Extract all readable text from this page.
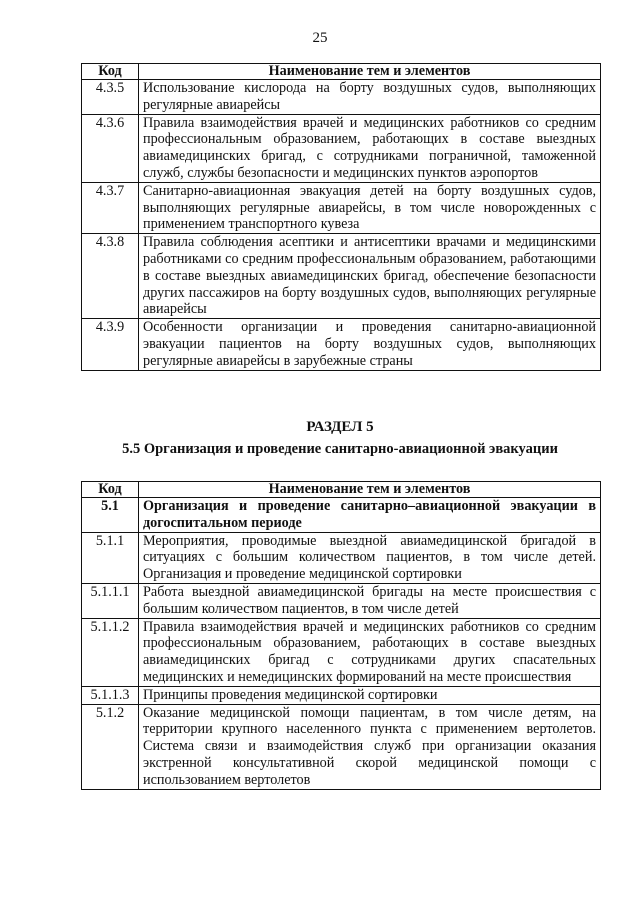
25
Код	Наименование тем и элементов
4.3.5	Использование кислорода на борту воздушных судов, выполняющих регулярные авиарейсы
4.3.6	Правила взаимодействия врачей и медицинских работников со средним профессиональным образованием, работающих в составе выездных авиамедицинских бригад, с сотрудниками пограничной, таможенной служб, службы безопасности и медицинских пунктов аэропортов
4.3.7	Санитарно-авиационная эвакуация детей на борту воздушных судов, выполняющих регулярные авиарейсы, в том числе новорожденных с применением транспортного кувеза
4.3.8	Правила соблюдения асептики и антисептики врачами и медицинскими работниками со средним профессиональным образованием, работающими в составе выездных авиамедицинских бригад, обеспечение безопасности других пассажиров на борту воздушных судов, выполняющих регулярные авиарейсы
4.3.9	Особенности организации и проведения санитарно-авиационной эвакуации пациентов на борту воздушных судов, выполняющих регулярные авиарейсы в зарубежные страны
РАЗДЕЛ 5
5.5 Организация и проведение санитарно-авиационной эвакуации
Код	Наименование тем и элементов
5.1	Организация и проведение санитарно–авиационной эвакуации в догоспитальном периоде
5.1.1	Мероприятия, проводимые выездной авиамедицинской бригадой в ситуациях с большим количеством пациентов, в том числе детей. Организация и проведение медицинской сортировки
5.1.1.1	Работа выездной авиамедицинской бригады на месте происшествия с большим количеством пациентов, в том числе детей
5.1.1.2	Правила взаимодействия врачей и медицинских работников со средним профессиональным образованием, работающих в составе выездных авиамедицинских бригад с сотрудниками других спасательных медицинских и немедицинских формирований на месте происшествия
5.1.1.3	Принципы проведения медицинской сортировки
5.1.2	Оказание медицинской помощи пациентам, в том числе детям, на территории крупного населенного пункта с применением вертолетов. Система связи и взаимодействия служб при организации оказания экстренной консультативной скорой медицинской помощи с использованием вертолетов
